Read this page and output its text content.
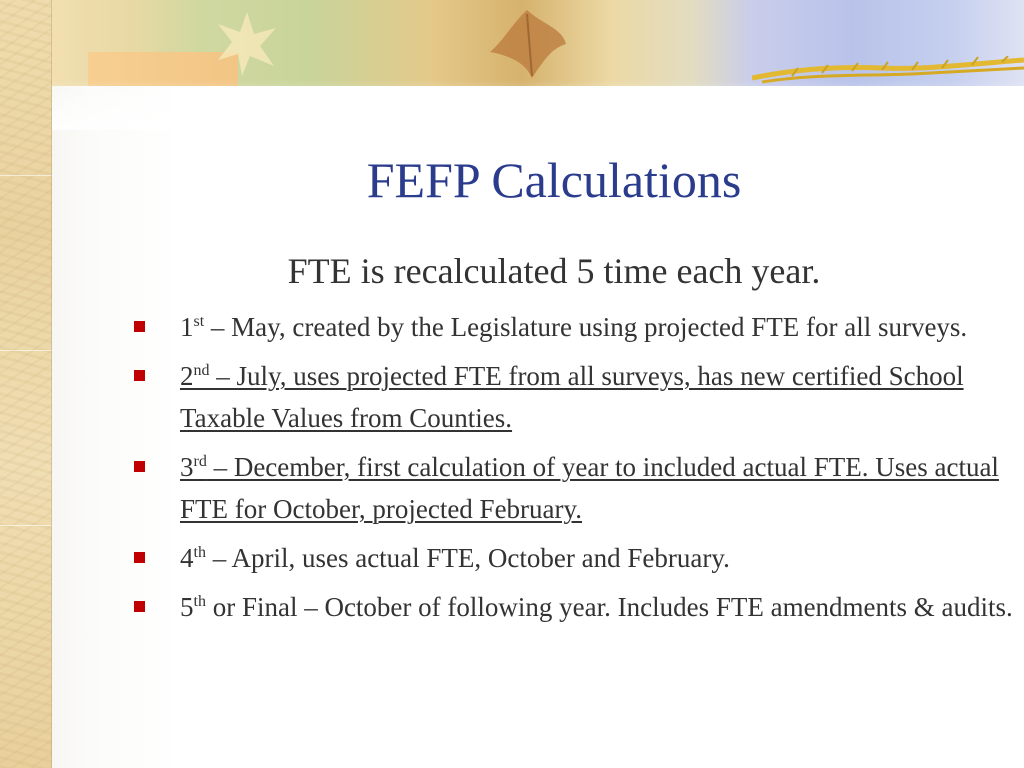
FEFP Calculations
FTE is recalculated 5 time each year.
1st – May, created by the Legislature using projected FTE for all surveys.
2nd – July, uses projected FTE from all surveys, has new certified School Taxable Values from Counties.
3rd – December, first calculation of year to included actual FTE. Uses actual FTE for October, projected February.
4th – April, uses actual FTE, October and February.
5th or Final – October of following year. Includes FTE amendments & audits.
